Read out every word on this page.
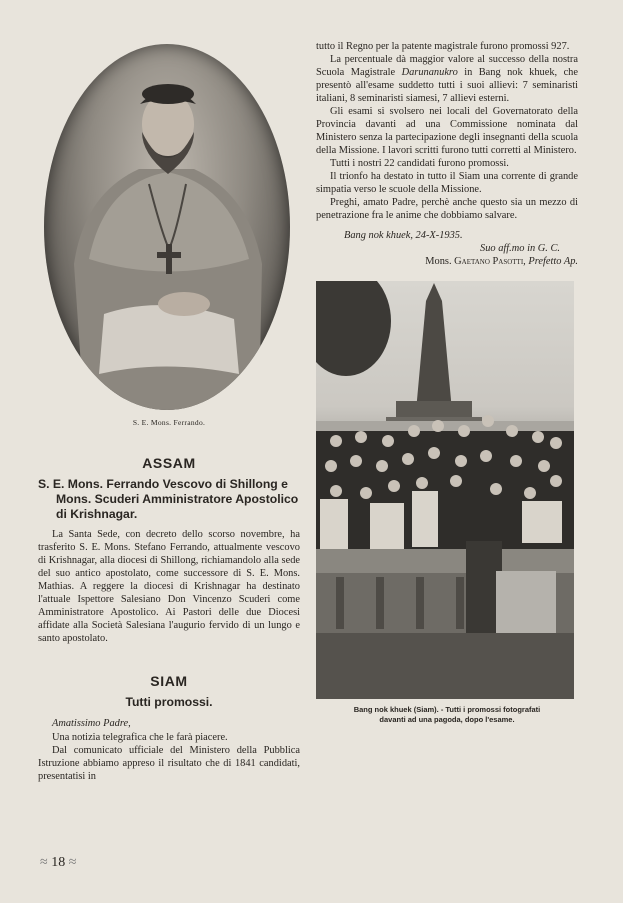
S. E. Mons. Ferrando.
ASSAM
S. E. Mons. Ferrando Vescovo di Shillong e Mons. Scuderi Amministratore Apostolico di Krishnagar.

La Santa Sede, con decreto dello scorso novembre, ha trasferito S. E. Mons. Stefano Ferrando, attualmente vescovo di Krishnagar, alla diocesi di Shillong, richiamandolo alla sede del suo antico apostolato, come successore di S. E. Mons. Mathias. A reggere la diocesi di Krishnagar ha destinato l'attuale Ispettore Salesiano Don Vincenzo Scuderi come Amministratore Apostolico. Ai Pastori delle due Diocesi affidate alla Società Salesiana l'augurio fervido di un lungo e santo apostolato.

SIAM
Tutti promossi.
Amatissimo Padre,

Una notizia telegrafica che le farà piacere.

Dal comunicato ufficiale del Ministero della Pubblica Istruzione abbiamo appreso il risultato che di 1841 candidati, presentatisi in

≈ 18 ≈

tutto il Regno per la patente magistrale furono promossi 927.

La percentuale dà maggior valore al successo della nostra Scuola Magistrale Darunanukro in Bang nok khuek, che presentò all'esame suddetto tutti i suoi allievi: 7 seminaristi italiani, 8 seminaristi siamesi, 7 allievi esterni.

Gli esami si svolsero nei locali del Governatorato della Provincia davanti ad una Commissione nominata dal Ministero senza la partecipazione degli insegnanti della scuola della Missione. I lavori scritti furono tutti corretti al Ministero.

Tutti i nostri 22 candidati furono promossi.

Il trionfo ha destato in tutto il Siam una corrente di grande simpatia verso le scuole della Missione.

Preghi, amato Padre, perchè anche questo sia un mezzo di penetrazione fra le anime che dobbiamo salvare.

Bang nok khuek, 24-X-1935.
Suo aff.mo in G. C.
Mons. Gaetano Pasotti, Prefetto Ap.
Bang nok khuek (Siam). - Tutti i promossi fotografati
davanti ad una pagoda, dopo l'esame.
